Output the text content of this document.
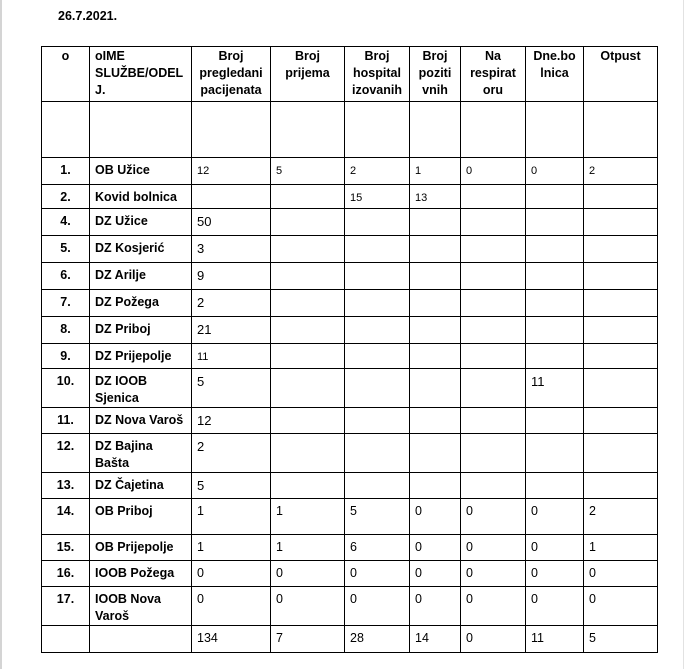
26.7.2021.
o	oIME
SLUŽBE/ODEL
J.	Broj
pregledani
pacijenata	Broj
prijema	Broj
hospital
izovanih	Broj
poziti
vnih	Na
respirat
oru	Dne.bo
lnica	Otpust

1.	OB Užice	12	5	2	1	0	0	2
2.	Kovid bolnica			15	13			
4.	DZ Užice	50						
5.	DZ Kosjerić	3						
6.	DZ Arilje	9						
7.	DZ Požega	2						
8.	DZ Priboj	21						
9.	DZ Prijepolje	11						
10.	DZ IOOB
Sjenica	5					11	
11.	DZ Nova Varoš	12						
12.	DZ Bajina
Bašta	2						
13.	DZ Čajetina	5						
14.	OB Priboj	1	1	5	0	0	0	2
15.	OB Prijepolje	1	1	6	0	0	0	1
16.	IOOB Požega	0	0	0	0	0	0	0
17.	IOOB Nova
Varoš	0	0	0	0	0	0	0
		134	7	28	14	0	11	5
